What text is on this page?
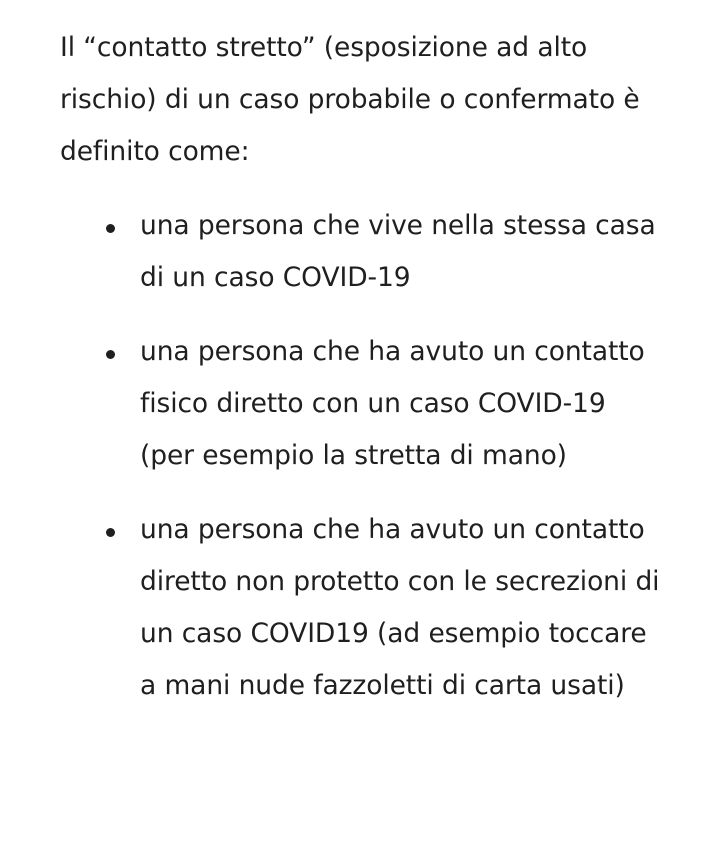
Il “contatto stretto” (esposizione ad alto rischio) di un caso probabile o confermato è definito come:

una persona che vive nella stessa casa di un caso COVID-19
una persona che ha avuto un contatto fisico diretto con un caso COVID-19 (per esempio la stretta di mano)
una persona che ha avuto un contatto diretto non protetto con le secrezioni di un caso COVID19 (ad esempio toccare a mani nude fazzoletti di carta usati)
